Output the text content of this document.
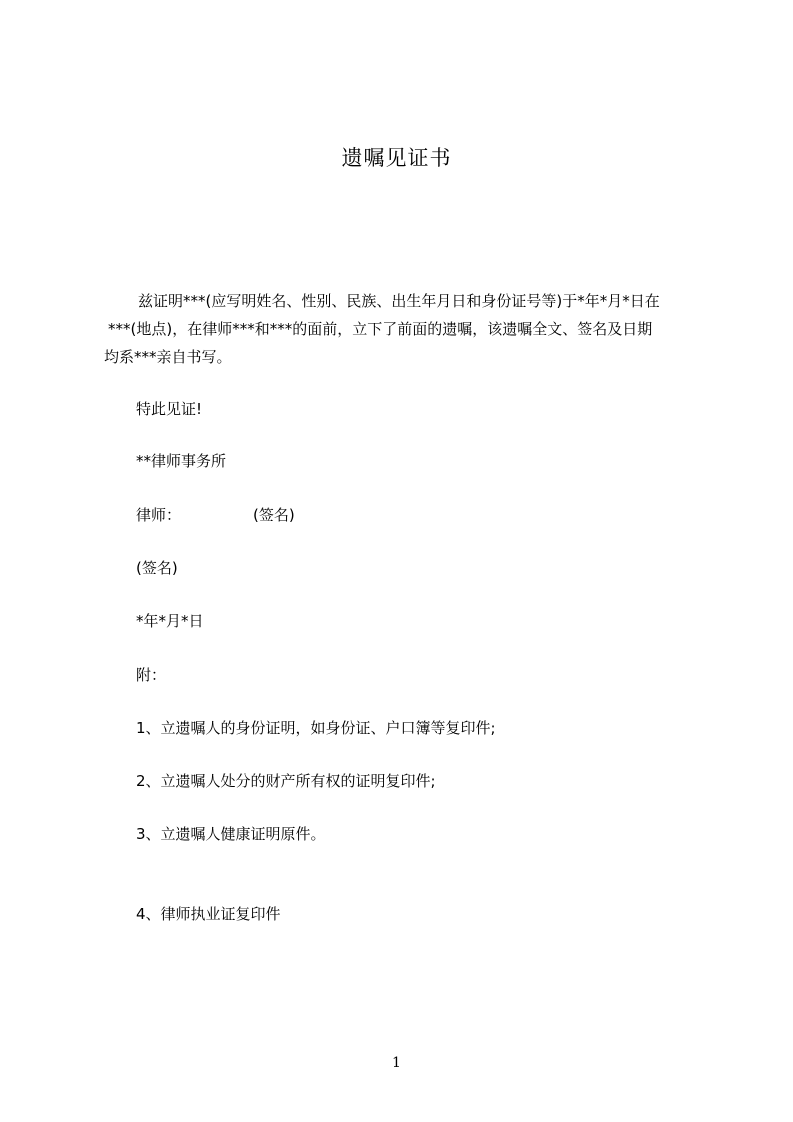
遗嘱见证书
兹证明***(应写明姓名、性别、民族、出生年月日和身份证号等)于*年*月*日在
***(地点)，在律师***和***的面前，立下了前面的遗嘱，该遗嘱全文、签名及日期
均系***亲自书写。
特此见证!
**律师事务所
律师：	(签名)
(签名)
*年*月*日
附：
1、立遗嘱人的身份证明，如身份证、户口簿等复印件;
2、立遗嘱人处分的财产所有权的证明复印件;
3、立遗嘱人健康证明原件。
4、律师执业证复印件
1
